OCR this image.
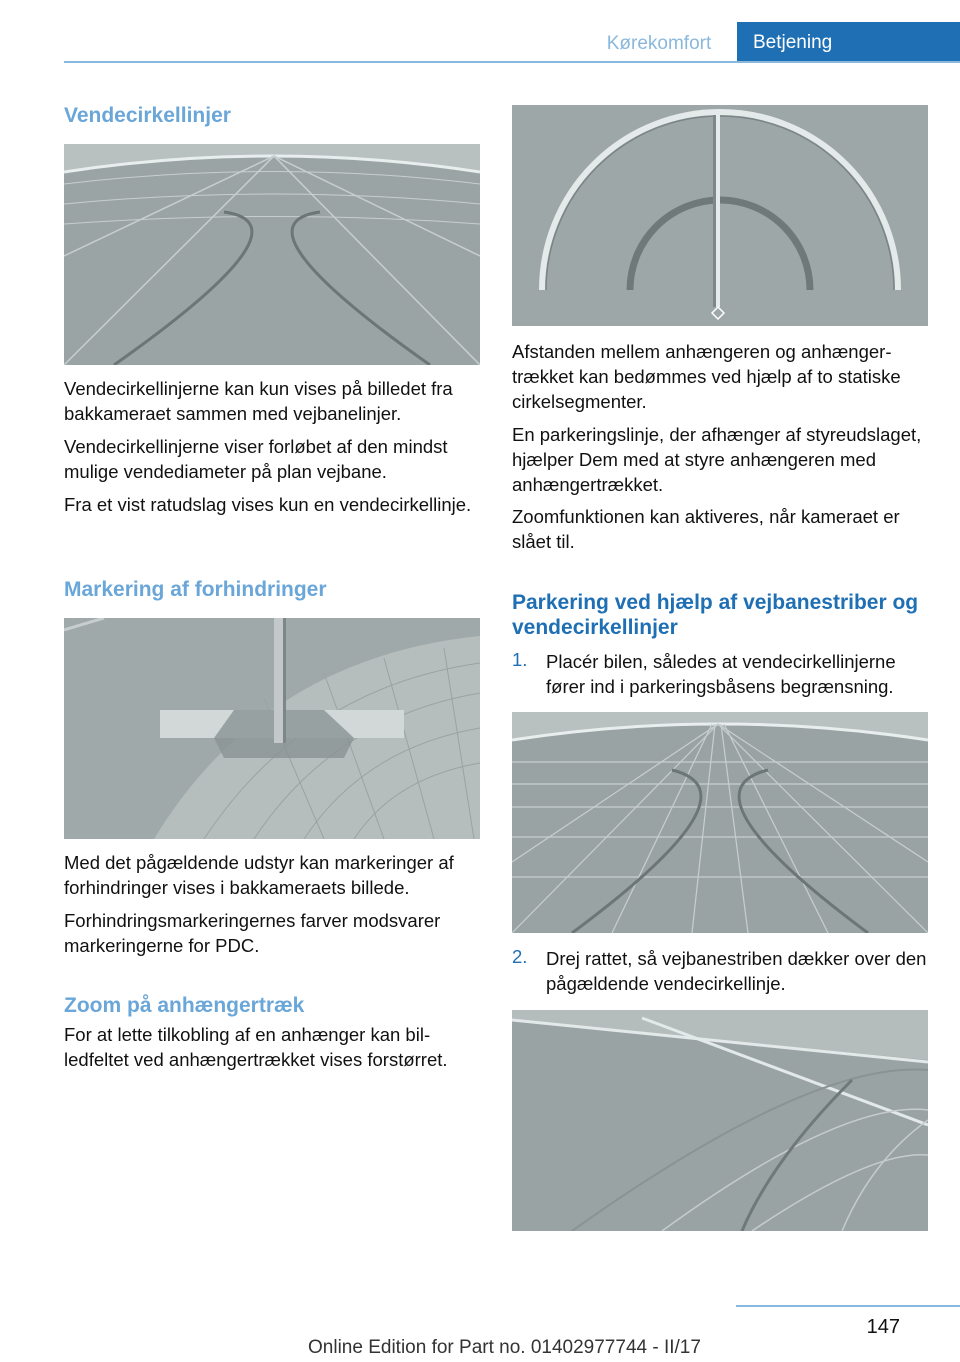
Kørekomfort	Betjening
Vendecirkellinjer

Vendecirkellinjerne kan kun vises på billedet fra bakkameraet sammen med vejbanelinjer.

Vendecirkellinjerne viser forløbet af den mindst mulige vendediameter på plan vejbane.

Fra et vist ratudslag vises kun en vendecirkellinje.

Markering af forhindringer

Med det pågældende udstyr kan markeringer af forhindringer vises i bakkameraets billede.

Forhindringsmarkeringernes farver modsvarer markeringerne for PDC.

Zoom på anhængertræk

For at lette tilkobling af en anhænger kan billedfeltet ved anhængertrækket vises forstørret.

Afstanden mellem anhængeren og anhængertrækket kan bedømmes ved hjælp af to statiske cirkelsegmenter.

En parkeringslinje, der afhænger af styreudslaget, hjælper Dem med at styre anhængeren med anhængertrækket.

Zoomfunktionen kan aktiveres, når kameraet er slået til.

Parkering ved hjælp af vejbanestriber og vendecirkellinjer
1. Placér bilen, således at vendecirkellinjerne fører ind i parkeringsbåsens begrænsning.

2. Drej rattet, så vejbanestriben dækker over den pågældende vendecirkellinje.

147
Online Edition for Part no. 01402977744 - II/17
